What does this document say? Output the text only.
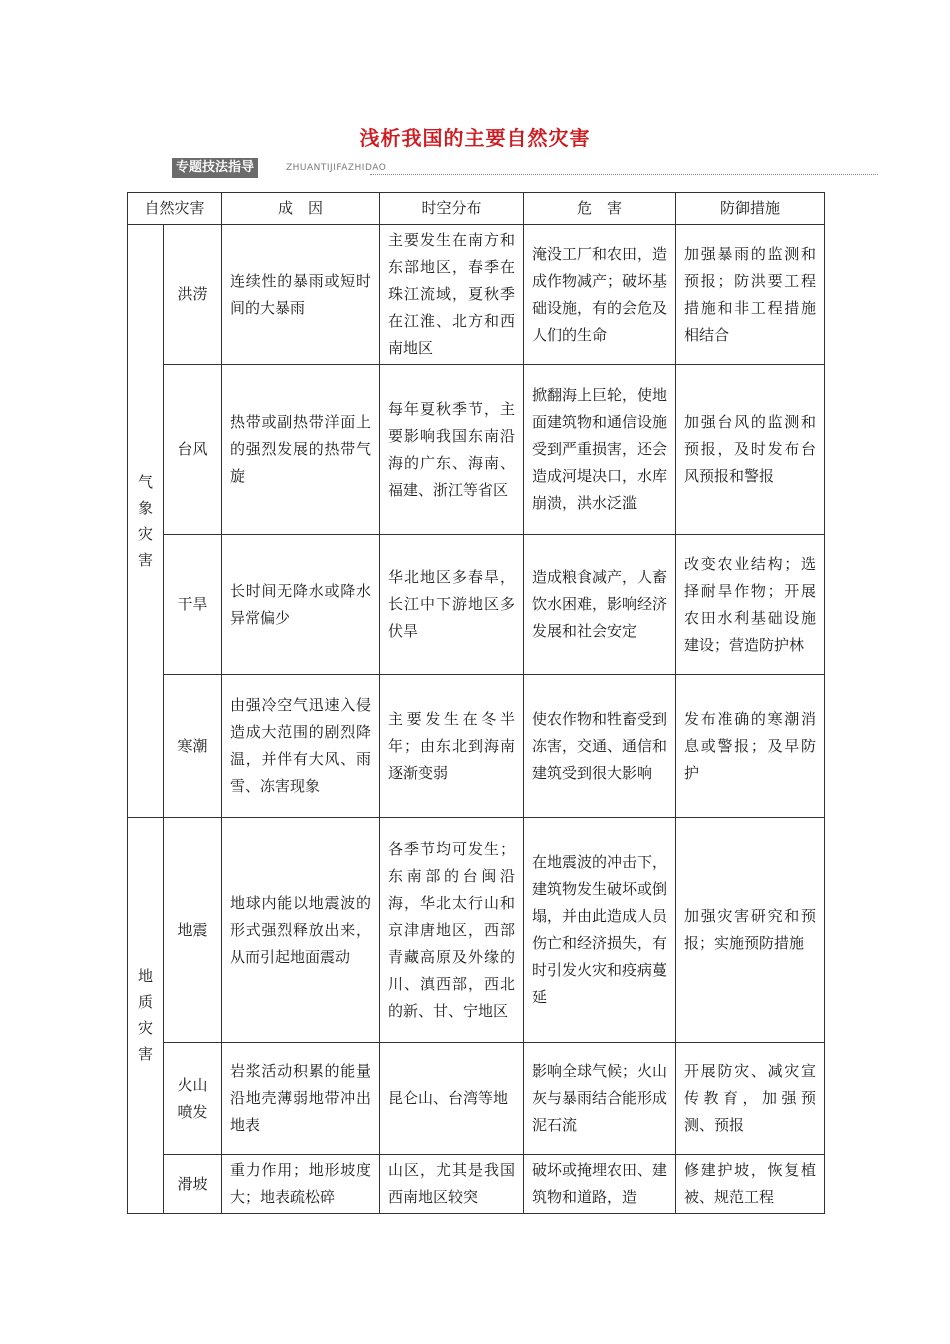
浅析我国的主要自然灾害
专题技法指导	ZHUANTIJIFAZHIDAO
自然灾害		成　因	时空分布	危　害	防御措施
气象灾害	洪涝	连续性的暴雨或短时间的大暴雨	主要发生在南方和东部地区，春季在珠江流域，夏秋季在江淮、北方和西南地区	淹没工厂和农田，造成作物减产；破坏基础设施，有的会危及人们的生命	加强暴雨的监测和预报；防洪要工程措施和非工程措施相结合
	台风	热带或副热带洋面上的强烈发展的热带气旋	每年夏秋季节，主要影响我国东南沿海的广东、海南、福建、浙江等省区	掀翻海上巨轮，使地面建筑物和通信设施受到严重损害，还会造成河堤决口，水库崩溃，洪水泛滥	加强台风的监测和预报，及时发布台风预报和警报
	干旱	长时间无降水或降水异常偏少	华北地区多春旱，长江中下游地区多伏旱	造成粮食减产，人畜饮水困难，影响经济发展和社会安定	改变农业结构；选择耐旱作物；开展农田水利基础设施建设；营造防护林
	寒潮	由强冷空气迅速入侵造成大范围的剧烈降温，并伴有大风、雨雪、冻害现象	主要发生在冬半年；由东北到海南逐渐变弱	使农作物和牲畜受到冻害，交通、通信和建筑受到很大影响	发布准确的寒潮消息或警报；及早防护
地质灾害	地震	地球内能以地震波的形式强烈释放出来，从而引起地面震动	各季节均可发生；东南部的台闽沿海，华北太行山和京津唐地区，西部青藏高原及外缘的川、滇西部，西北的新、甘、宁地区	在地震波的冲击下，建筑物发生破坏或倒塌，并由此造成人员伤亡和经济损失，有时引发火灾和疫病蔓延	加强灾害研究和预报；实施预防措施
	火山喷发	岩浆活动积累的能量沿地壳薄弱地带冲出地表	昆仑山、台湾等地	影响全球气候；火山灰与暴雨结合能形成泥石流	开展防灾、减灾宣传教育，加强预测、预报
	滑坡	重力作用；地形坡度大；地表疏松碎	山区，尤其是我国西南地区较突	破坏或掩埋农田、建筑物和道路，造	修建护坡，恢复植被、规范工程
